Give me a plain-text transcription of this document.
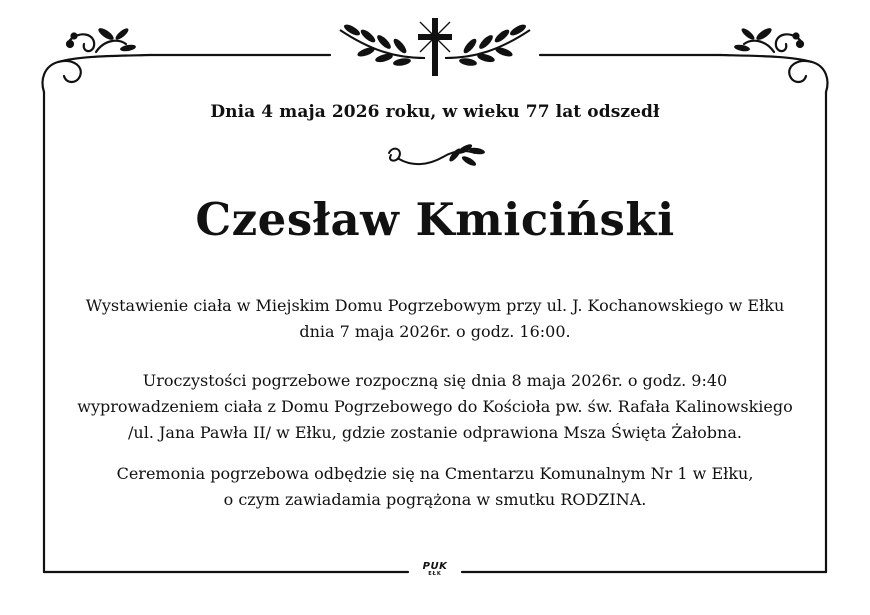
Dnia 4 maja 2026 roku, w wieku 77 lat odszedł
Czesław Kmiciński
Wystawienie ciała w Miejskim Domu Pogrzebowym przy ul. J. Kochanowskiego w Ełku
dnia 7 maja 2026r. o godz. 16:00.
Uroczystości pogrzebowe rozpoczną się dnia 8 maja 2026r. o godz. 9:40
wyprowadzeniem ciała z Domu Pogrzebowego do Kościoła pw. św. Rafała Kalinowskiego
/ul. Jana Pawła II/ w Ełku, gdzie zostanie odprawiona Msza Święta Żałobna.
Ceremonia pogrzebowa odbędzie się na Cmentarzu Komunalnym Nr 1 w Ełku,
o czym zawiadamia pogrążona w smutku RODZINA.
PUK
EŁK
